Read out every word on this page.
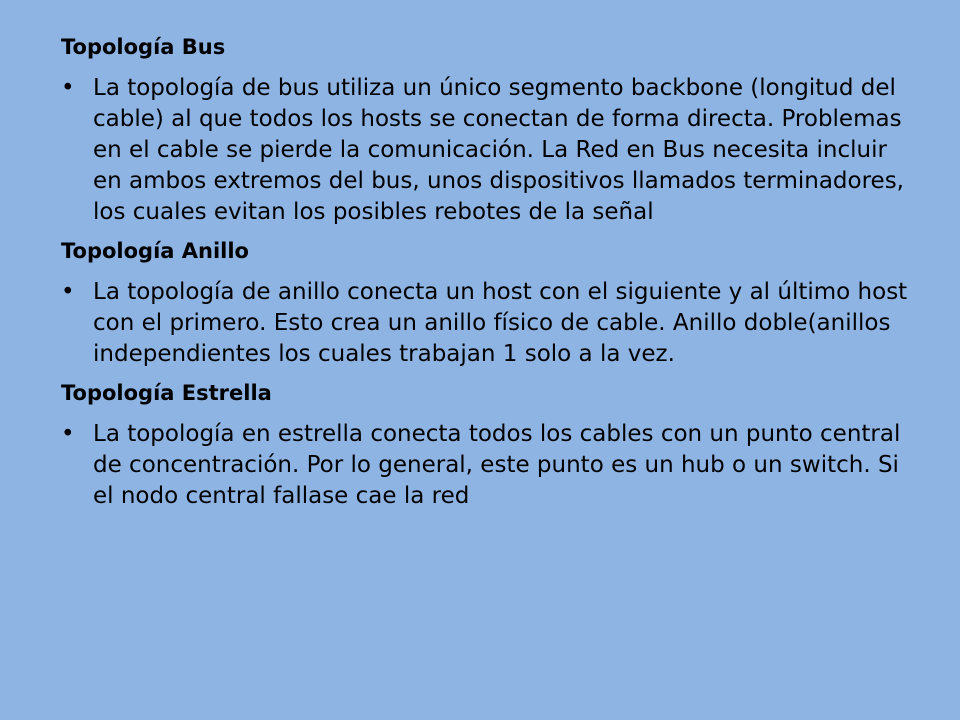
Topología Bus
• La topología de bus utiliza un único segmento backbone (longitud del cable) al que todos los hosts se conectan de forma directa. Problemas en el cable se pierde la comunicación. La Red en Bus necesita incluir en ambos extremos del bus, unos dispositivos llamados terminadores, los cuales evitan los posibles rebotes de la señal
Topología Anillo
• La topología de anillo conecta un host con el siguiente y al último host con el primero. Esto crea un anillo físico de cable. Anillo doble(anillos independientes los cuales trabajan 1 solo a la vez.
Topología Estrella
• La topología en estrella conecta todos los cables con un punto central de concentración. Por lo general, este punto es un hub o un switch. Si el nodo central fallase cae la red
